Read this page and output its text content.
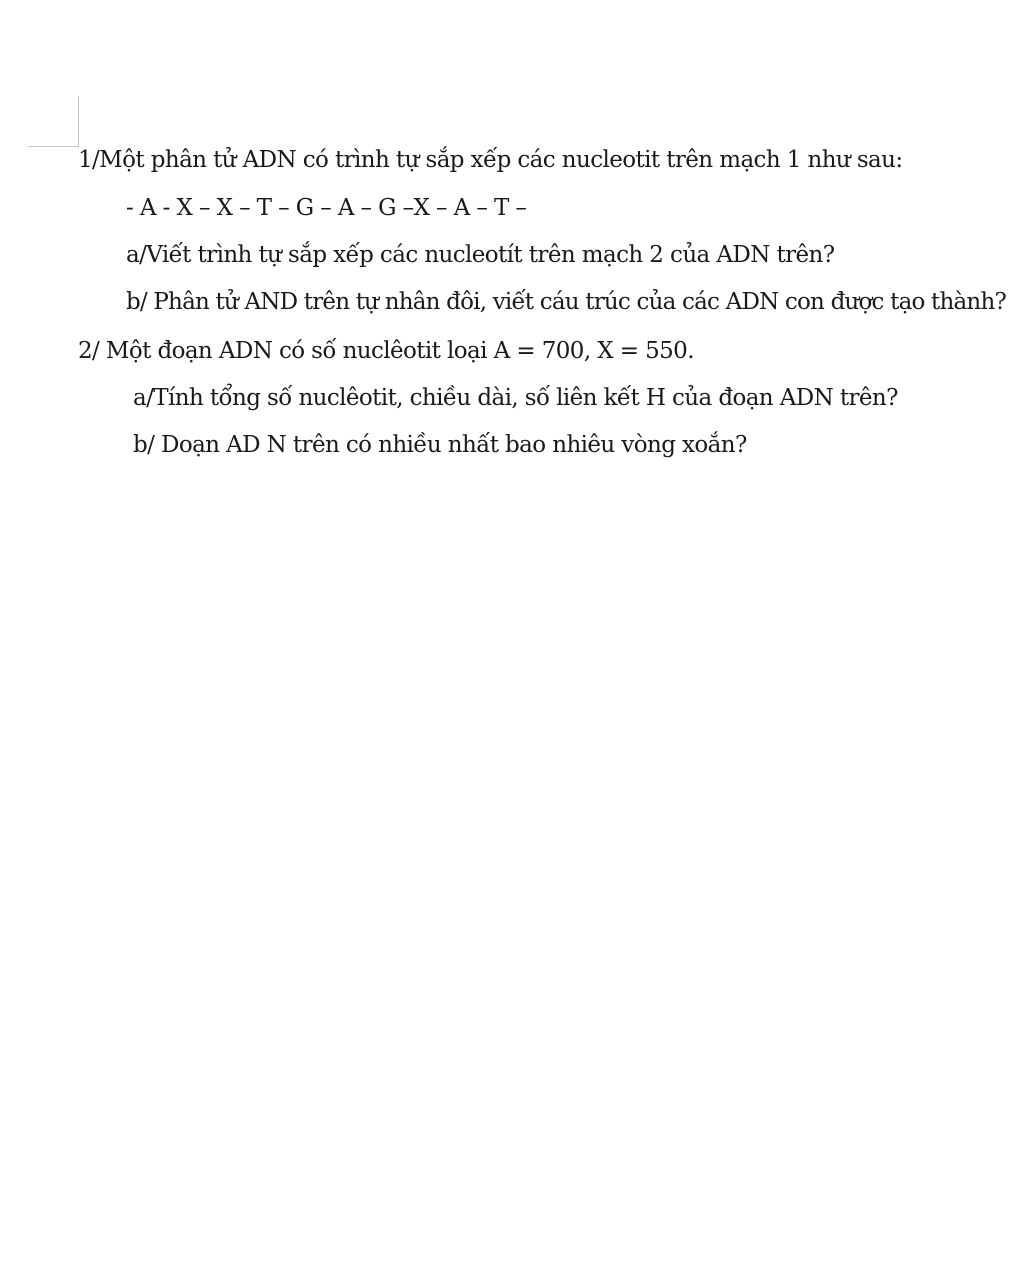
1/Một phân tử ADN có trình tự sắp xếp các nucleotit trên mạch 1 như sau:
- A - X – X – T – G – A – G –X – A – T –
a/Viết trình tự sắp xếp các nucleotít trên mạch 2 của ADN trên?
b/ Phân tử AND trên tự nhân đôi, viết cáu trúc của các ADN con được tạo thành?
2/ Một đoạn ADN có số nuclêotit loại A = 700, X = 550.
a/Tính tổng số nuclêotit, chiều dài, số liên kết H của đoạn ADN trên?
b/ Doạn AD N trên có nhiều nhất bao nhiêu vòng xoắn?
